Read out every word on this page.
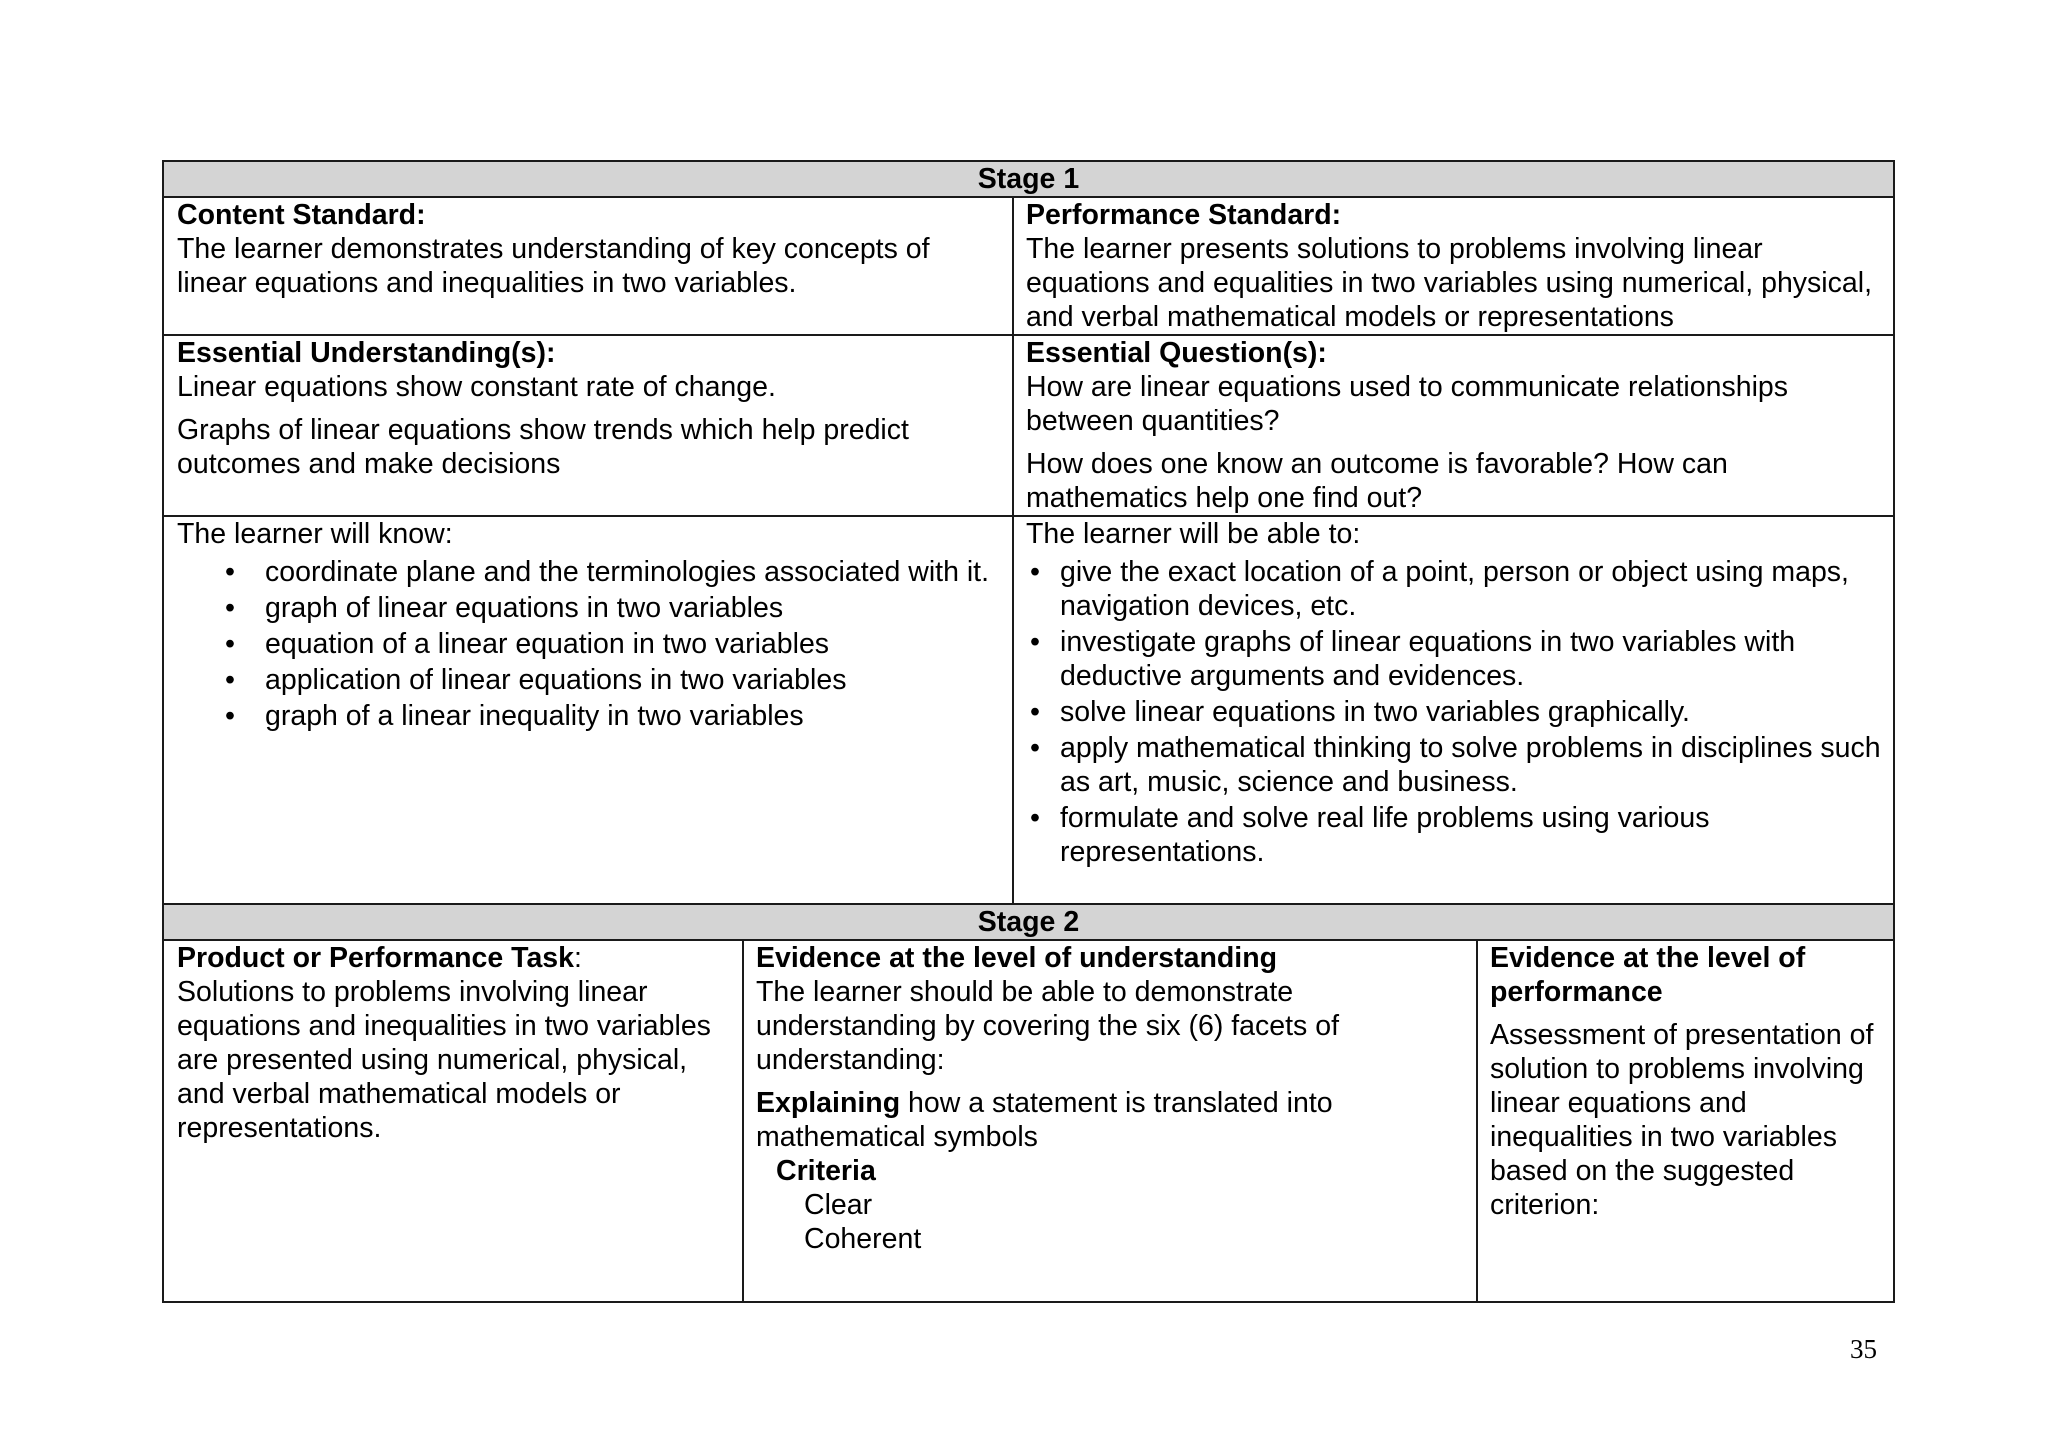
Stage 1
Content Standard:
The learner demonstrates understanding of key concepts of linear equations and inequalities in two variables.
Performance Standard:
The learner presents solutions to problems involving linear equations and equalities in two variables using numerical, physical, and verbal mathematical models or representations
Essential Understanding(s):
Linear equations show constant rate of change.
Graphs of linear equations show trends which help predict outcomes and make decisions
Essential Question(s):
How are linear equations used to communicate relationships between quantities?
How does one know an outcome is favorable? How can mathematics help one find out?
The learner will know:
• coordinate plane and the terminologies associated with it.
• graph of linear equations in two variables
• equation of a linear equation in two variables
• application of linear equations in two variables
• graph of a linear inequality in two variables
The learner will be able to:
• give the exact location of a point, person or object using maps, navigation devices, etc.
• investigate graphs of linear equations in two variables with deductive arguments and evidences.
• solve linear equations in two variables graphically.
• apply mathematical thinking to solve problems in disciplines such as art, music, science and business.
• formulate and solve real life problems using various representations.
Stage 2
Product or Performance Task:
Solutions to problems involving linear equations and inequalities in two variables are presented using numerical, physical, and verbal mathematical models or representations.
Evidence at the level of understanding
The learner should be able to demonstrate understanding by covering the six (6) facets of understanding:
Explaining how a statement is translated into mathematical symbols
Criteria
Clear
Coherent
Evidence at the level of performance
Assessment of presentation of solution to problems involving linear equations and inequalities in two variables based on the suggested criterion:
35
